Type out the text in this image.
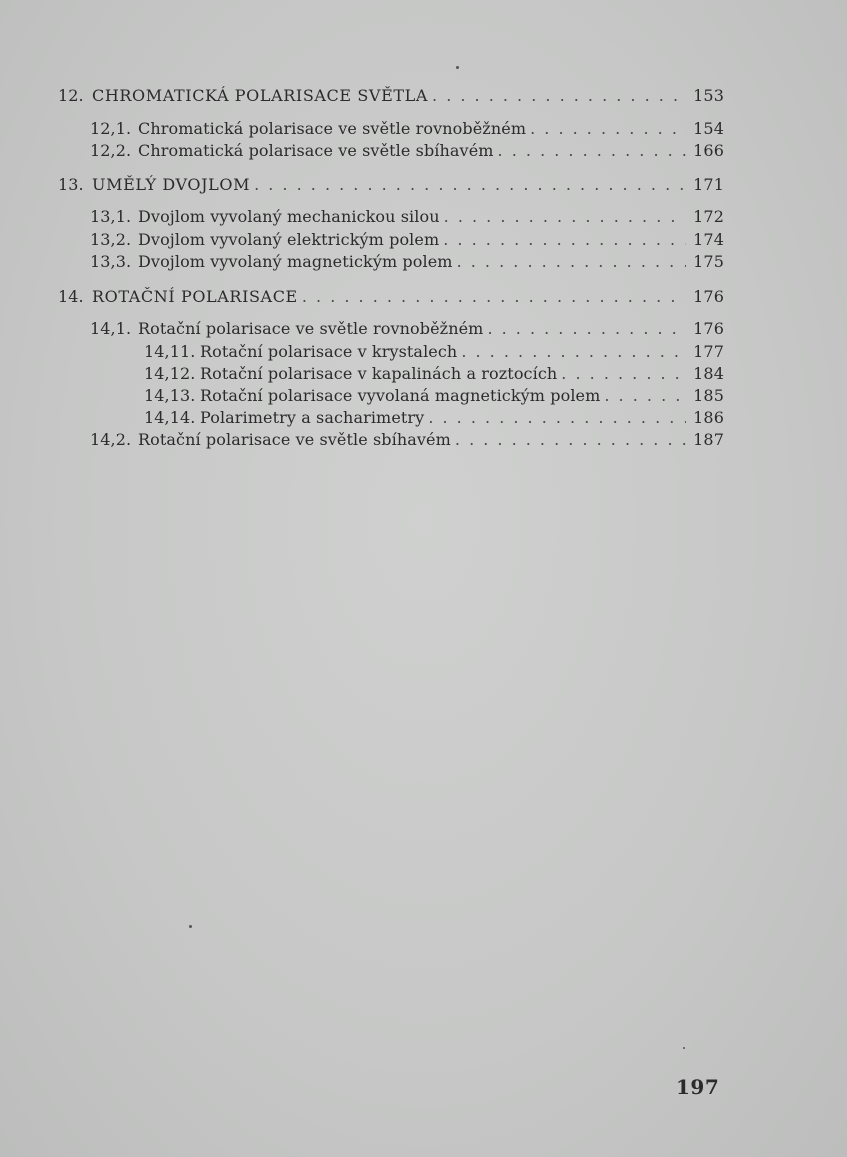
12. CHROMATICKÁ POLARISACE SVĚTLA . . .	153
12,1. Chromatická polarisace ve světle rovnoběžném . . .	154
12,2. Chromatická polarisace ve světle sbíhavém . . .	166
13. UMĚLÝ DVOJLOM . . .	171
13,1. Dvojlom vyvolaný mechanickou silou . . .	172
13,2. Dvojlom vyvolaný elektrickým polem . . .	174
13,3. Dvojlom vyvolaný magnetickým polem . . .	175
14. ROTAČNÍ POLARISACE . . .	176
14,1. Rotační polarisace ve světle rovnoběžném . . .	176
14,11. Rotační polarisace v krystalech . . .	177
14,12. Rotační polarisace v kapalinách a roztocích . . .	184
14,13. Rotační polarisace vyvolaná magnetickým polem . . .	185
14,14. Polarimetry a sacharimetry . . .	186
14,2. Rotační polarisace ve světle sbíhavém . . .	187
197
